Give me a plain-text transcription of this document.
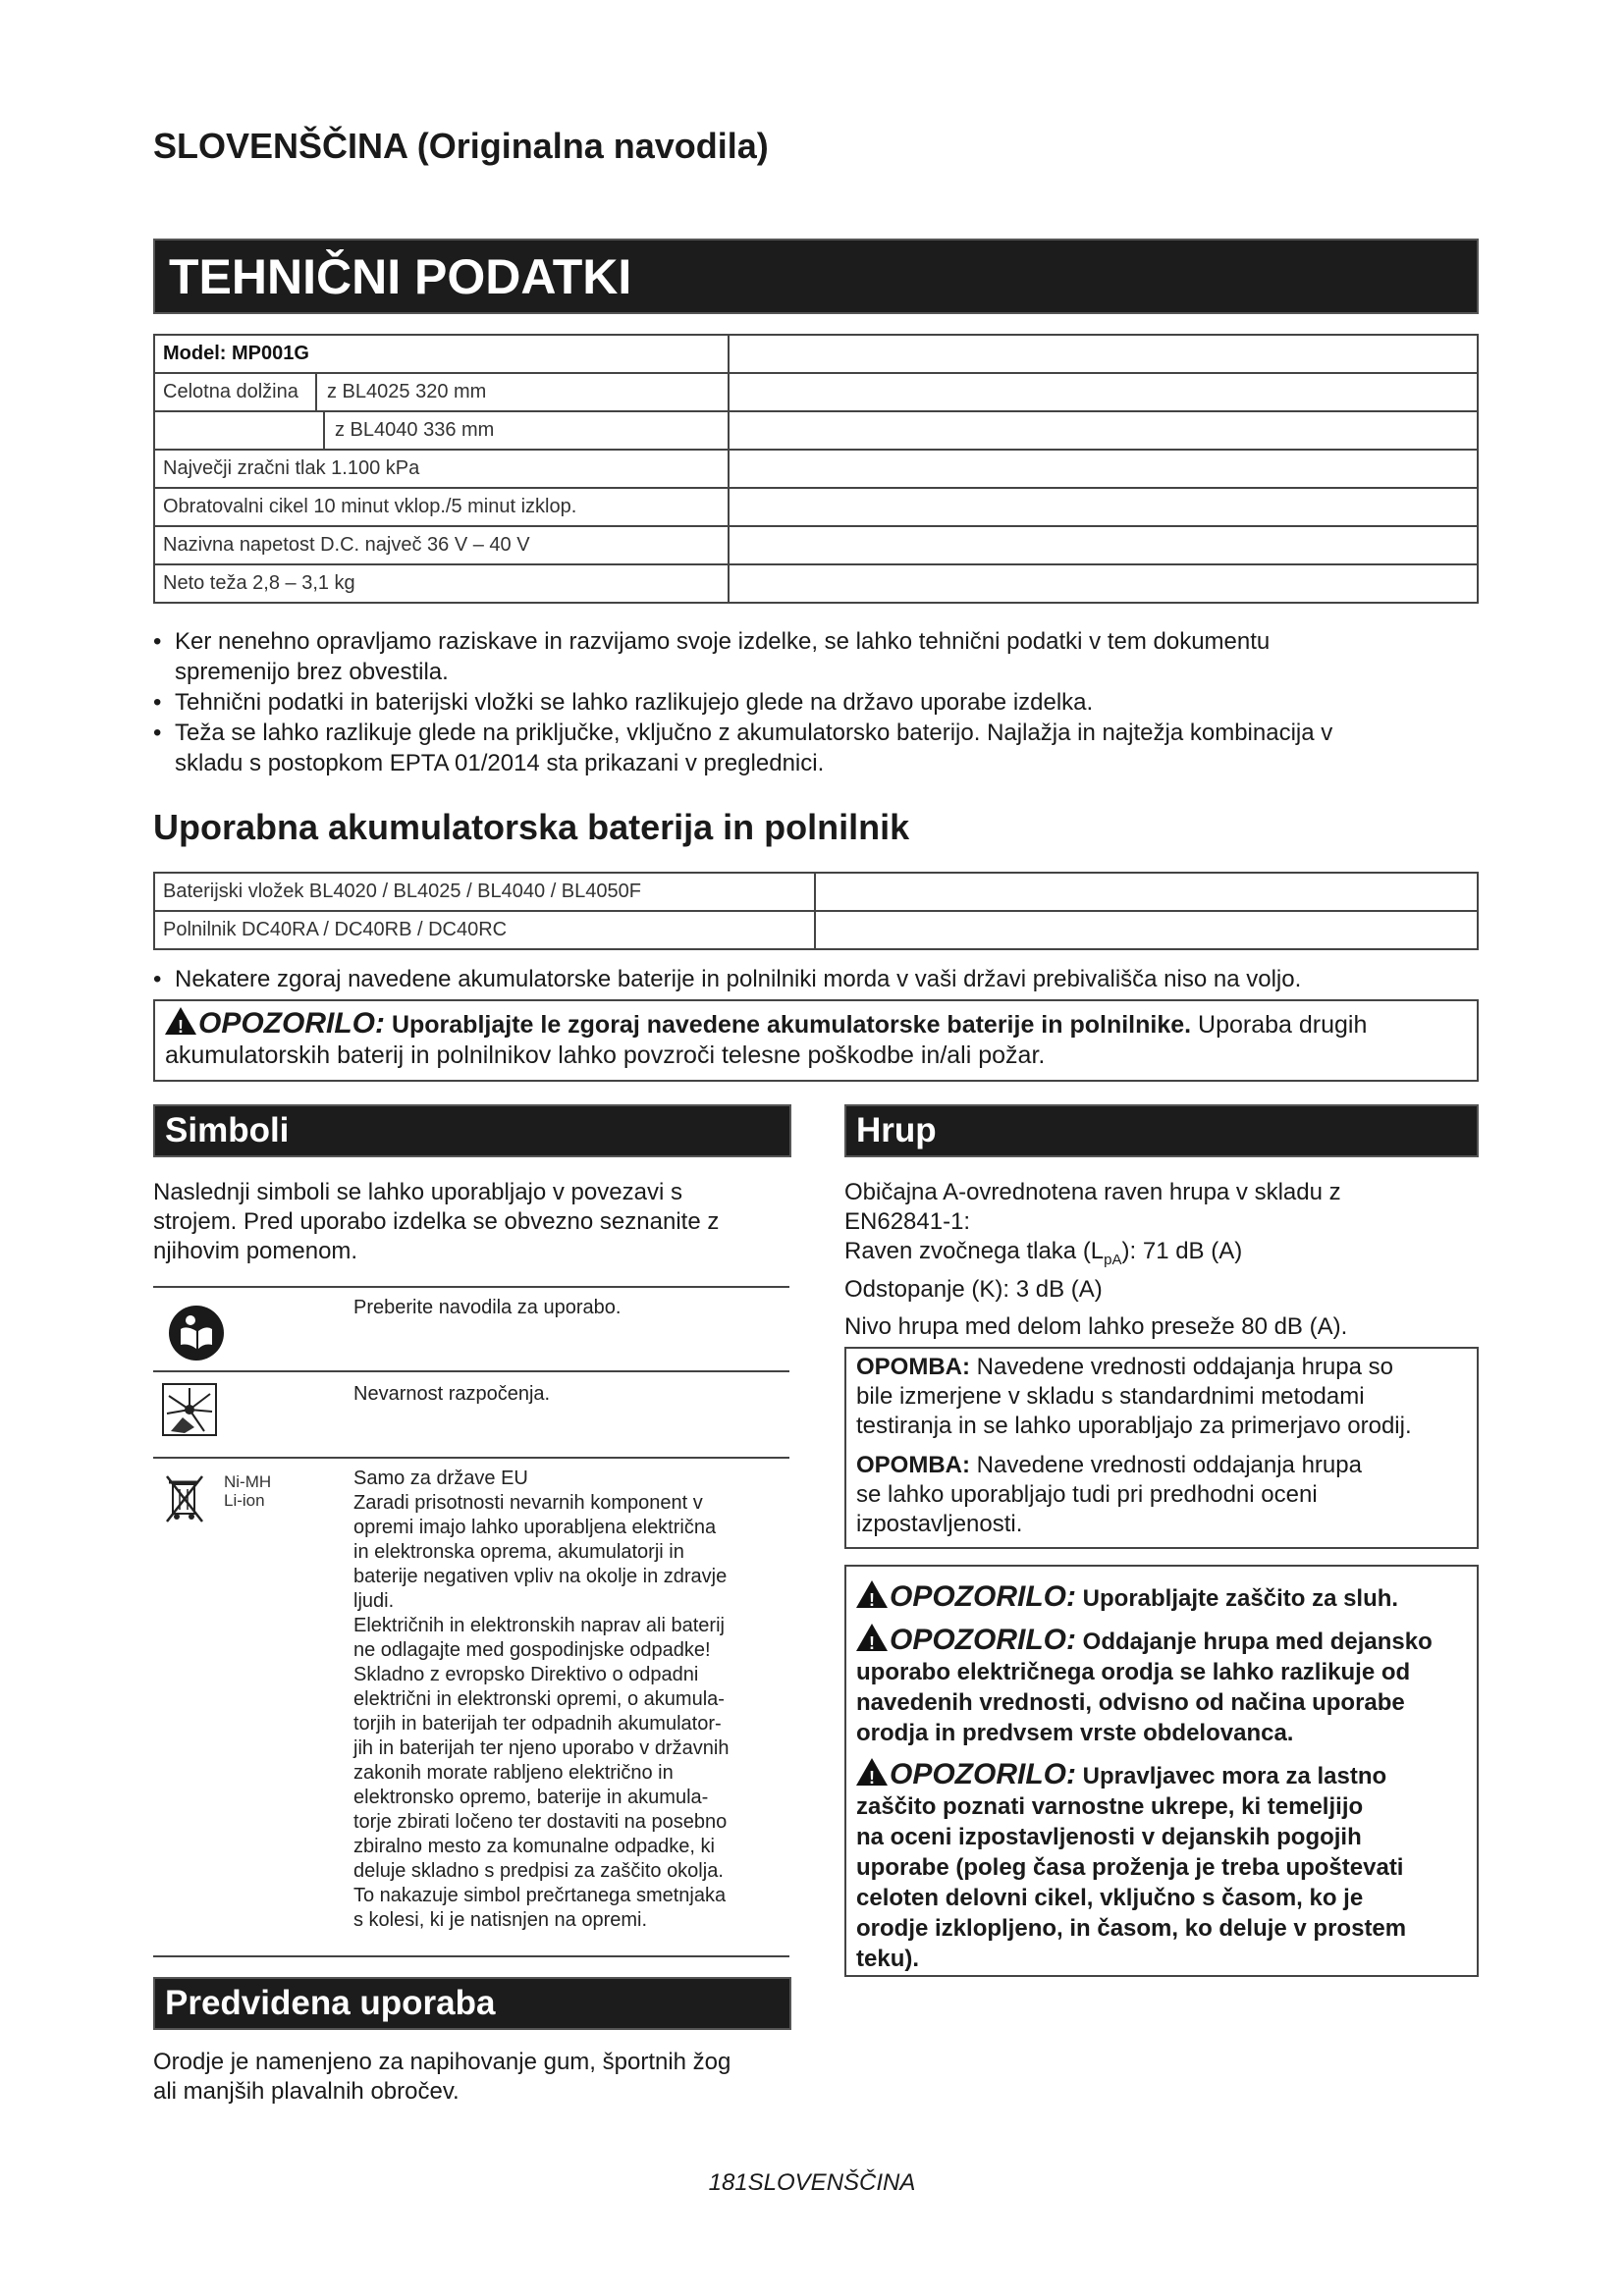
SLOVENŠČINA (Originalna navodila)
TEHNIČNI PODATKI
Model: MP001G	

Celotna dolžina z BL4025 320 mm	

z BL4040 336 mm	

Največji zračni tlak 1.100 kPa	
Obratovalni cikel 10 minut vklop./5 minut izklop.	
Nazivna napetost D.C. največ 36 V – 40 V	
Neto teža 2,8 – 3,1 kg	
• Ker nenehno opravljamo raziskave in razvijamo svoje izdelke, se lahko tehnični podatki v tem dokumentu
spremenijo brez obvestila.
• Tehnični podatki in baterijski vložki se lahko razlikujejo glede na državo uporabe izdelka.
• Teža se lahko razlikuje glede na priključke, vključno z akumulatorsko baterijo. Najlažja in najtežja kombinacija v
skladu s postopkom EPTA 01/2014 sta prikazani v preglednici.
Uporabna akumulatorska baterija in polnilnik
Baterijski vložek BL4020 / BL4025 / BL4040 / BL4050F	
Polnilnik DC40RA / DC40RB / DC40RC	
• Nekatere zgoraj navedene akumulatorske baterije in polnilniki morda v vaši državi prebivališča niso na voljo.
!OPOZORILO: Uporabljajte le zgoraj navedene akumulatorske baterije in polnilnike. Uporaba drugih
akumulatorskih baterij in polnilnikov lahko povzroči telesne poškodbe in/ali požar.
Simboli
Naslednji simboli se lahko uporabljajo v povezavi s
strojem. Pred uporabo izdelka se obvezno seznanite z
njihovim pomenom.
Preberite navodila za uporabo.
Nevarnost razpočenja.
Ni-MH
Li-ion
Samo za države EU
Zaradi prisotnosti nevarnih komponent v
opremi imajo lahko uporabljena električna
in elektronska oprema, akumulatorji in
baterije negativen vpliv na okolje in zdravje
ljudi.
Električnih in elektronskih naprav ali baterij
ne odlagajte med gospodinjske odpadke!
Skladno z evropsko Direktivo o odpadni
električni in elektronski opremi, o akumula-
torjih in baterijah ter odpadnih akumulator-
jih in baterijah ter njeno uporabo v državnih
zakonih morate rabljeno električno in
elektronsko opremo, baterije in akumula-
torje zbirati ločeno ter dostaviti na posebno
zbiralno mesto za komunalne odpadke, ki
deluje skladno s predpisi za zaščito okolja.
To nakazuje simbol prečrtanega smetnjaka
s kolesi, ki je natisnjen na opremi.
Predvidena uporaba
Orodje je namenjeno za napihovanje gum, športnih žog
ali manjših plavalnih obročev.
Hrup
Običajna A-ovrednotena raven hrupa v skladu z
EN62841-1:
Raven zvočnega tlaka $(L_{pA})$: 71 dB (A)
Odstopanje (K): 3 dB (A)
Nivo hrupa med delom lahko preseže 80 dB (A).
OPOMBA: Navedene vrednosti oddajanja hrupa so
bile izmerjene v skladu s standardnimi metodami
testiranja in se lahko uporabljajo za primerjavo orodij.
OPOMBA: Navedene vrednosti oddajanja hrupa
se lahko uporabljajo tudi pri predhodni oceni
izpostavljenosti.
!OPOZORILO: Uporabljajte zaščito za sluh.
!OPOZORILO: Oddajanje hrupa med dejansko
uporabo električnega orodja se lahko razlikuje od
navedenih vrednosti, odvisno od načina uporabe
orodja in predvsem vrste obdelovanca.
!OPOZORILO: Upravljavec mora za lastno
zaščito poznati varnostne ukrepe, ki temeljijo
na oceni izpostavljenosti v dejanskih pogojih
uporabe (poleg časa proženja je treba upoštevati
celoten delovni cikel, vključno s časom, ko je
orodje izklopljeno, in časom, ko deluje v prostem
teku).
181SLOVENŠČINA
